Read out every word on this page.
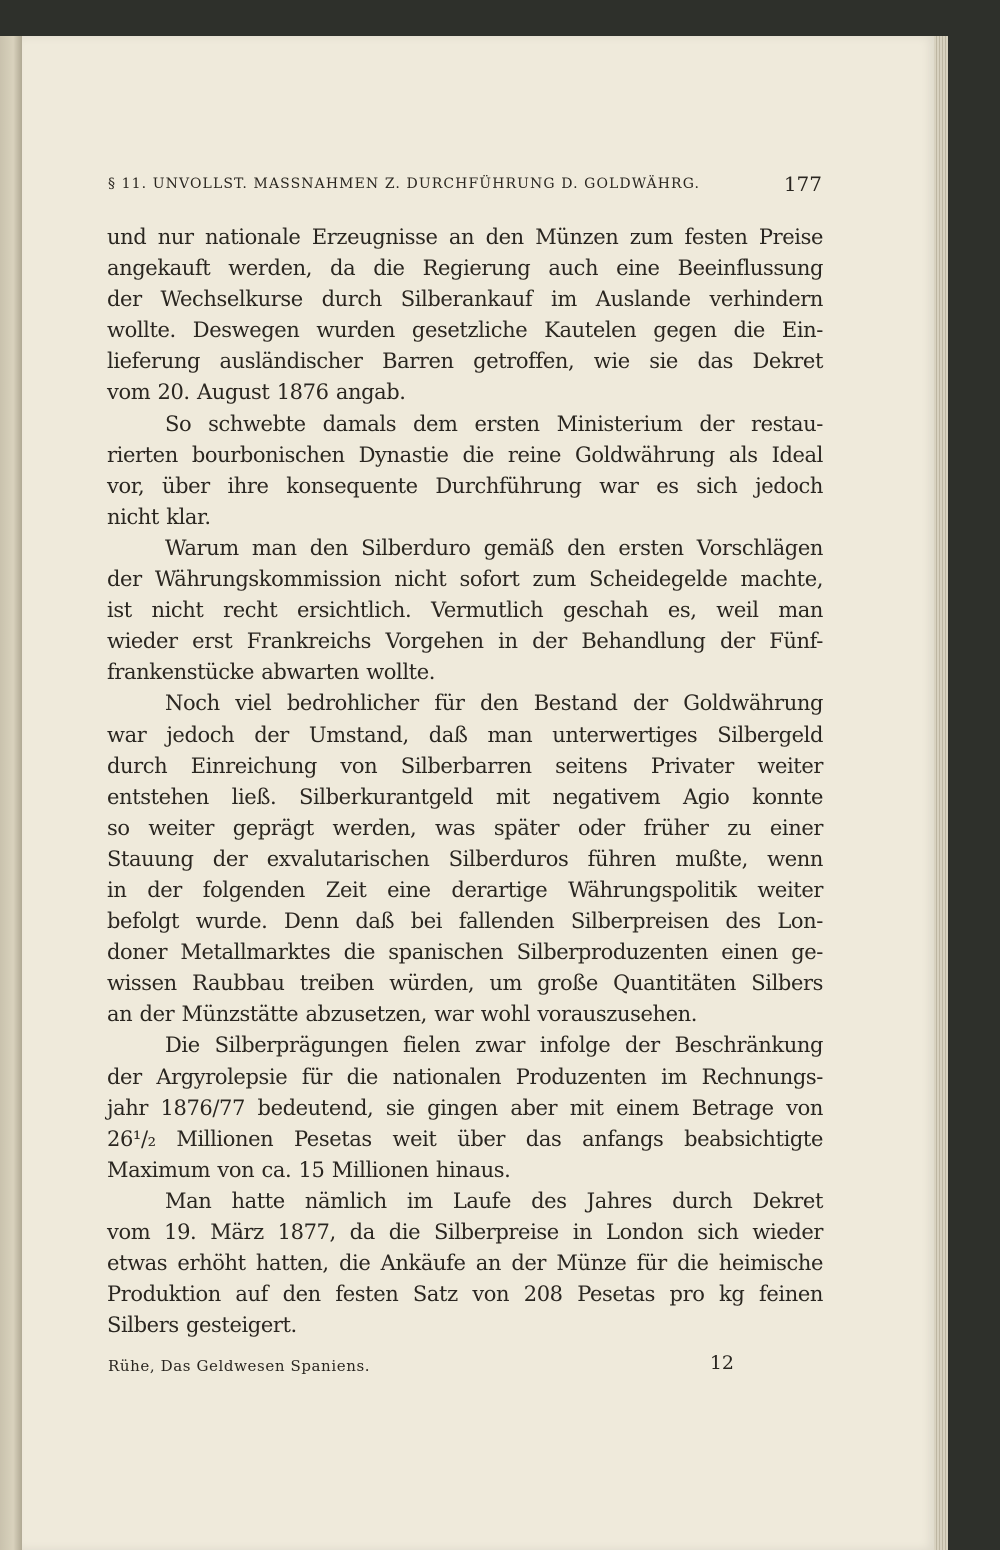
§ 11. UNVOLLST. MASSNAHMEN Z. DURCHFÜHRUNG D. GOLDWÄHRG.	177
und nur nationale Erzeugnisse an den Münzen zum festen Preise
angekauft werden, da die Regierung auch eine Beeinflussung
der Wechselkurse durch Silberankauf im Auslande verhindern
wollte. Deswegen wurden gesetzliche Kautelen gegen die Ein-
lieferung ausländischer Barren getroffen, wie sie das Dekret
vom 20. August 1876 angab.
So schwebte damals dem ersten Ministerium der restau-
rierten bourbonischen Dynastie die reine Goldwährung als Ideal
vor, über ihre konsequente Durchführung war es sich jedoch
nicht klar.
Warum man den Silberduro gemäß den ersten Vorschlägen
der Währungskommission nicht sofort zum Scheidegelde machte,
ist nicht recht ersichtlich. Vermutlich geschah es, weil man
wieder erst Frankreichs Vorgehen in der Behandlung der Fünf-
frankenstücke abwarten wollte.
Noch viel bedrohlicher für den Bestand der Goldwährung
war jedoch der Umstand, daß man unterwertiges Silbergeld
durch Einreichung von Silberbarren seitens Privater weiter
entstehen ließ. Silberkurantgeld mit negativem Agio konnte
so weiter geprägt werden, was später oder früher zu einer
Stauung der exvalutarischen Silberduros führen mußte, wenn
in der folgenden Zeit eine derartige Währungspolitik weiter
befolgt wurde. Denn daß bei fallenden Silberpreisen des Lon-
doner Metallmarktes die spanischen Silberproduzenten einen ge-
wissen Raubbau treiben würden, um große Quantitäten Silbers
an der Münzstätte abzusetzen, war wohl vorauszusehen.
Die Silberprägungen fielen zwar infolge der Beschränkung
der Argyrolepsie für die nationalen Produzenten im Rechnungs-
jahr 1876/77 bedeutend, sie gingen aber mit einem Betrage von
26¹/₂ Millionen Pesetas weit über das anfangs beabsichtigte
Maximum von ca. 15 Millionen hinaus.
Man hatte nämlich im Laufe des Jahres durch Dekret
vom 19. März 1877, da die Silberpreise in London sich wieder
etwas erhöht hatten, die Ankäufe an der Münze für die heimische
Produktion auf den festen Satz von 208 Pesetas pro kg feinen
Silbers gesteigert.
Rühe, Das Geldwesen Spaniens.	12
